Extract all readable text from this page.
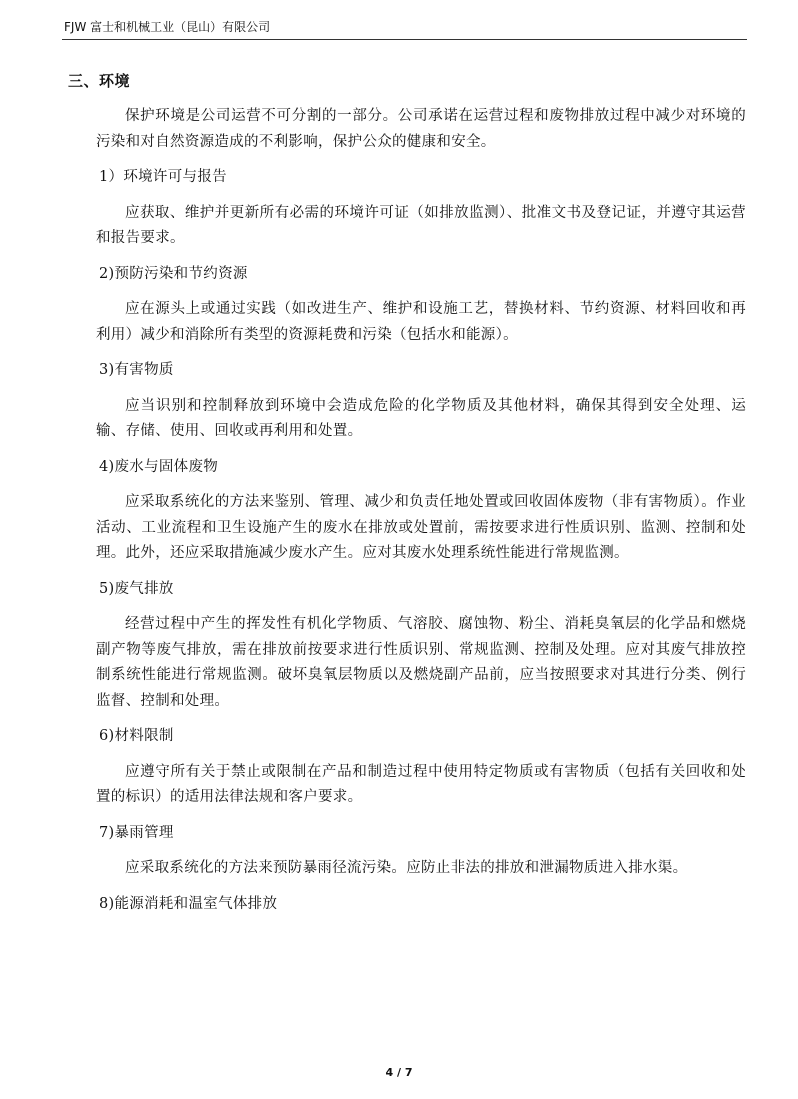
FJW 富士和机械工业（昆山）有限公司
三、环境

保护环境是公司运营不可分割的一部分。公司承诺在运营过程和废物排放过程中减少对环境的污染和对自然资源造成的不利影响，保护公众的健康和安全。

1）环境许可与报告

应获取、维护并更新所有必需的环境许可证（如排放监测）、批准文书及登记证，并遵守其运营和报告要求。

2)预防污染和节约资源

应在源头上或通过实践（如改进生产、维护和设施工艺，替换材料、节约资源、材料回收和再利用）减少和消除所有类型的资源耗费和污染（包括水和能源）。

3)有害物质

应当识别和控制释放到环境中会造成危险的化学物质及其他材料，确保其得到安全处理、运输、存储、使用、回收或再利用和处置。

4)废水与固体废物

应采取系统化的方法来鉴别、管理、减少和负责任地处置或回收固体废物（非有害物质）。作业活动、工业流程和卫生设施产生的废水在排放或处置前，需按要求进行性质识别、监测、控制和处理。此外，还应采取措施减少废水产生。应对其废水处理系统性能进行常规监测。

5)废气排放

经营过程中产生的挥发性有机化学物质、气溶胶、腐蚀物、粉尘、消耗臭氧层的化学品和燃烧副产物等废气排放，需在排放前按要求进行性质识别、常规监测、控制及处理。应对其废气排放控制系统性能进行常规监测。破坏臭氧层物质以及燃烧副产品前，应当按照要求对其进行分类、例行监督、控制和处理。

6)材料限制

应遵守所有关于禁止或限制在产品和制造过程中使用特定物质或有害物质（包括有关回收和处置的标识）的适用法律法规和客户要求。

7)暴雨管理

应采取系统化的方法来预防暴雨径流污染。应防止非法的排放和泄漏物质进入排水渠。

8)能源消耗和温室气体排放

4 / 7
